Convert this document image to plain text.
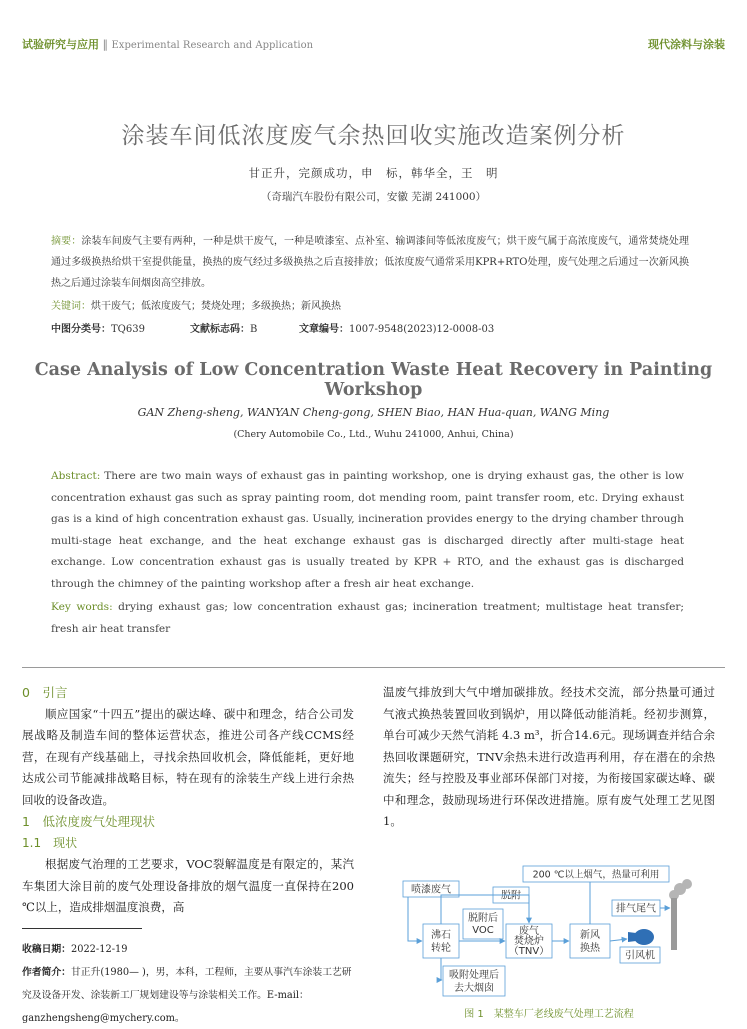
试验研究与应用 ‖ Experimental Research and Application	现代涂料与涂装
涂装车间低浓度废气余热回收实施改造案例分析
甘正升，完颜成功，申　标，韩华全，王　明
（奇瑞汽车股份有限公司，安徽 芜湖 241000）
摘要：涂装车间废气主要有两种，一种是烘干废气，一种是喷漆室、点补室、输调漆间等低浓度废气；烘干废气属于高浓度废气，通常焚烧处理通过多级换热给烘干室提供能量，换热的废气经过多级换热之后直接排放；低浓度废气通常采用KPR+RTO处理，废气处理之后通过一次新风换热之后通过涂装车间烟囱高空排放。
关键词：烘干废气；低浓度废气；焚烧处理；多级换热；新风换热
中图分类号：TQ639	文献标志码：B	文章编号：1007-9548(2023)12-0008-03
Case Analysis of Low Concentration Waste Heat Recovery in Painting Workshop
GAN Zheng-sheng, WANYAN Cheng-gong, SHEN Biao, HAN Hua-quan, WANG Ming
(Chery Automobile Co., Ltd., Wuhu 241000, Anhui, China)
Abstract: There are two main ways of exhaust gas in painting workshop, one is drying exhaust gas, the other is low concentration exhaust gas such as spray painting room, dot mending room, paint transfer room, etc. Drying exhaust gas is a kind of high concentration exhaust gas. Usually, incineration provides energy to the drying chamber through multi-stage heat exchange, and the heat exchange exhaust gas is discharged directly after multi-stage heat exchange. Low concentration exhaust gas is usually treated by KPR + RTO, and the exhaust gas is discharged through the chimney of the painting workshop after a fresh air heat exchange.
Key words: drying exhaust gas; low concentration exhaust gas; incineration treatment; multistage heat transfer; fresh air heat transfer
0　引言
顺应国家“十四五”提出的碳达峰、碳中和理念，结合公司发展战略及制造车间的整体运营状态，推进公司各产线CCMS经营，在现有产线基础上，寻找余热回收机会，降低能耗，更好地达成公司节能减排战略目标，特在现有的涂装生产线上进行余热回收的设备改造。
1　低浓度废气处理现状
1.1　现状
根据废气治理的工艺要求，VOC裂解温度是有限定的，某汽车集团大涂目前的废气处理设备排放的烟气温度一直保持在200 ℃以上，造成排烟温度浪费，高
收稿日期：2022-12-19
作者简介：甘正升(1980— )，男，本科，工程师，主要从事汽车涂装工艺研究及设备开发、涂装新工厂规划建设等与涂装相关工作。E-mail：ganzhengsheng@mychery.com。
温废气排放到大气中增加碳排放。经技术交流，部分热量可通过气液式换热装置回收到锅炉，用以降低动能消耗。经初步测算，单台可减少天然气消耗 4.3 m³，折合14.6元。现场调查并结合余热回收课题研究，TNV余热未进行改造再利用，存在潜在的余热流失；经与控股及事业部环保部门对接，为衔接国家碳达峰、碳中和理念，鼓励现场进行环保改进措施。原有废气处理工艺见图1。
200 ℃以上烟气，热量可利用
喷漆废气
脱附
排气尾气
沸石
转轮
脱附后
VOC	废气
焚烧炉
（TNV）
新风
换热
引风机
吸附处理后
去大烟囱
图 1　某整车厂老线废气处理工艺流程
